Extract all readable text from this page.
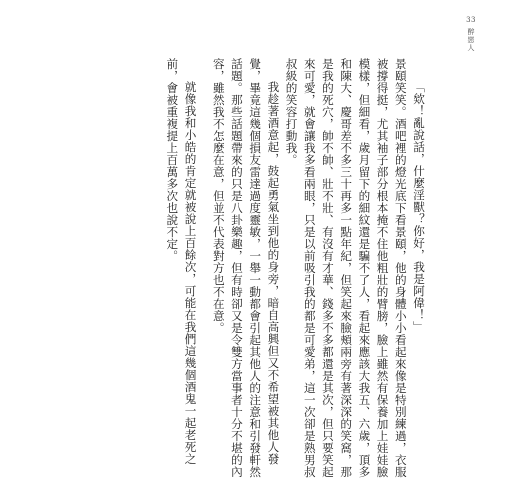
33
醉戀人

「欸！亂說話，什麼淫獸？你好，我是阿偉！」

景頤笑笑。酒吧裡的燈光底下看景頤，他的身體小小看起來像是特別練過，衣服被撐得挺，尤其袖子部分根本掩不住他粗壯的臂膀，臉上雖然有保養加上娃娃臉模樣，但細看，歲月留下的細紋還是騙不了人，看起來應該大我五、六歲，頂多和陳大、慶哥差不多三十再多一點年紀，但笑起來臉頰兩旁有著深深的笑窩，那是我的死穴，帥不帥、壯不壯、有沒有才華、錢多不多都還是其次，但只要笑起來可愛，就會讓我多看兩眼，只是以前吸引我的都是可愛弟，這一次卻是熟男叔叔級的笑容打動我。

我趁著酒意起，鼓起勇氣坐到他的身旁，暗自高興但又不希望被其他人發覺，畢竟這幾個損友雷達過度靈敏，一舉一動都會引起其他人的注意和引發軒然話題。那些話題帶來的只是八卦樂趣，但有時卻又是令雙方當事者十分不堪的內容，雖然我不怎麼在意，但並不代表對方也不在意。

就像我和小皓的肯定就被說上百餘次，可能在我們這幾個酒鬼一起老死之前，會被重複提上百萬多次也說不定。
